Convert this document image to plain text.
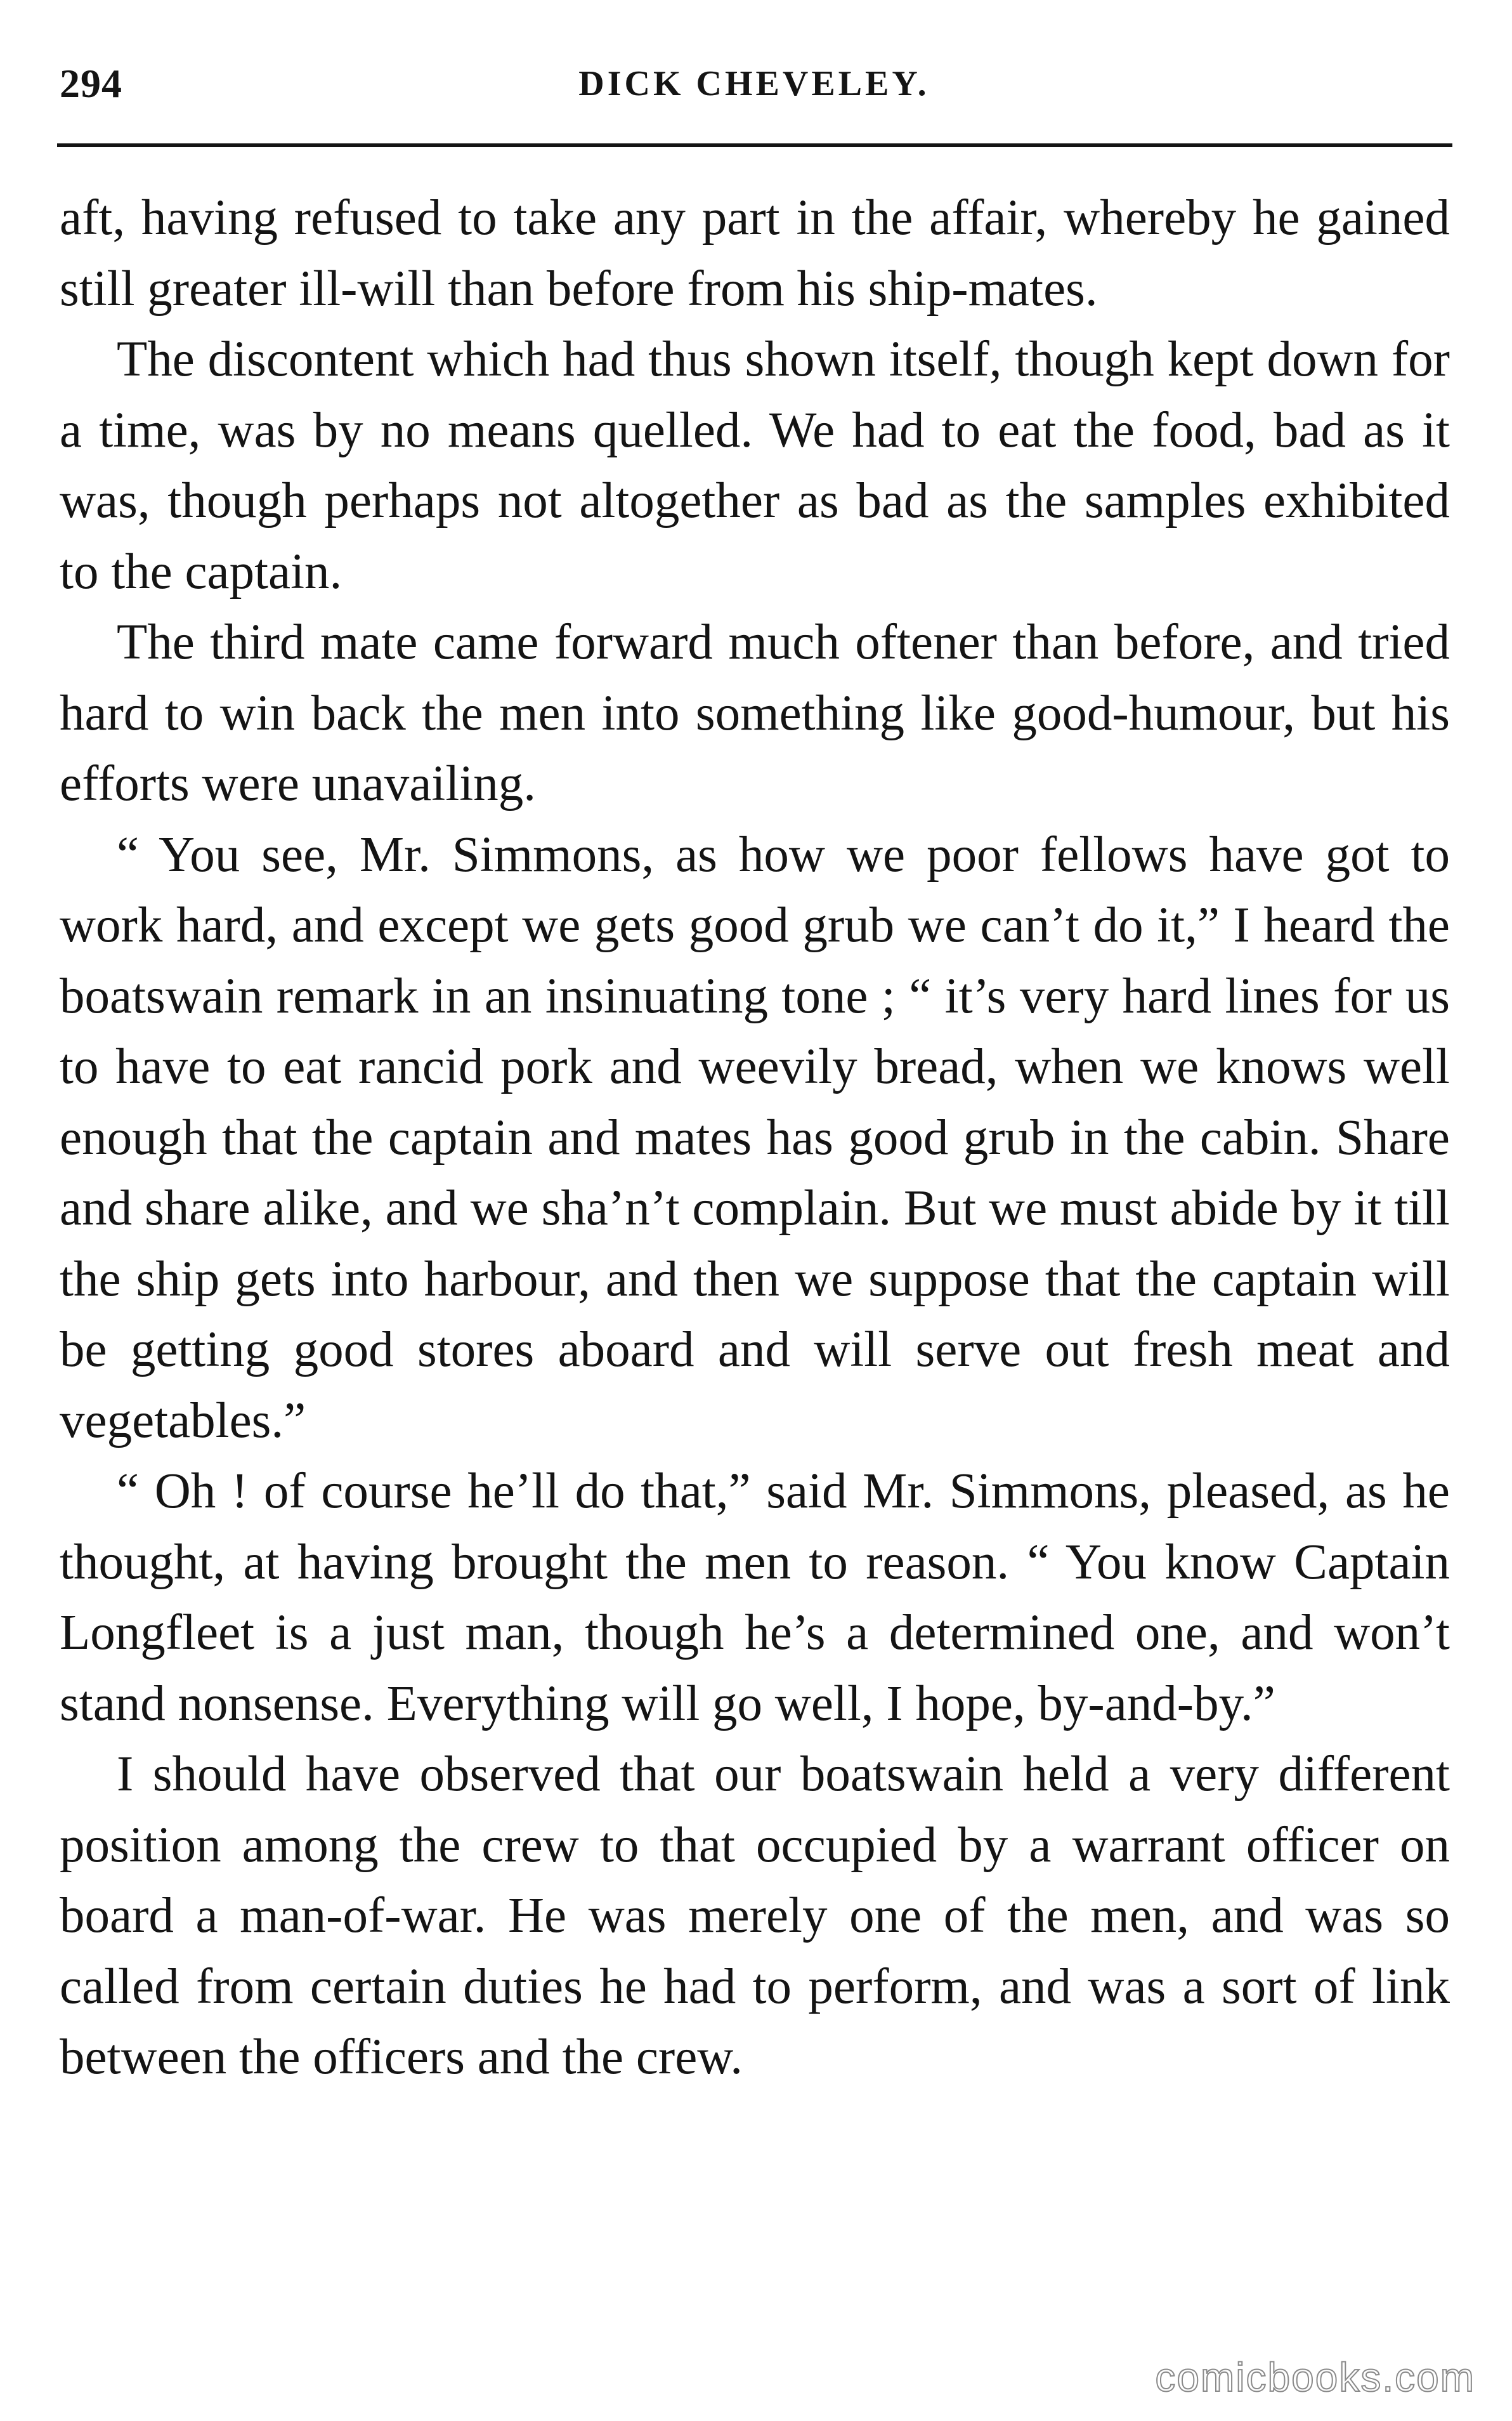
294	DICK CHEVELEY.

aft, having refused to take any part in the affair, whereby he gained still greater ill-will than before from his ship-mates.

The discontent which had thus shown itself, though kept down for a time, was by no means quelled. We had to eat the food, bad as it was, though perhaps not altogether as bad as the samples exhibited to the captain.

The third mate came forward much oftener than before, and tried hard to win back the men into something like good-humour, but his efforts were unavailing.

“ You see, Mr. Simmons, as how we poor fellows have got to work hard, and except we gets good grub we can’t do it,” I heard the boatswain remark in an insinuating tone ; “ it’s very hard lines for us to have to eat rancid pork and weevily bread, when we knows well enough that the captain and mates has good grub in the cabin. Share and share alike, and we sha’n’t complain. But we must abide by it till the ship gets into harbour, and then we suppose that the captain will be getting good stores aboard and will serve out fresh meat and vegetables.”

“ Oh ! of course he’ll do that,” said Mr. Simmons, pleased, as he thought, at having brought the men to reason. “ You know Captain Longfleet is a just man, though he’s a determined one, and won’t stand nonsense. Everything will go well, I hope, by-and-by.”

I should have observed that our boatswain held a very different position among the crew to that occupied by a warrant officer on board a man-of-war. He was merely one of the men, and was so called from certain duties he had to perform, and was a sort of link between the officers and the crew.

comicbooks.com
